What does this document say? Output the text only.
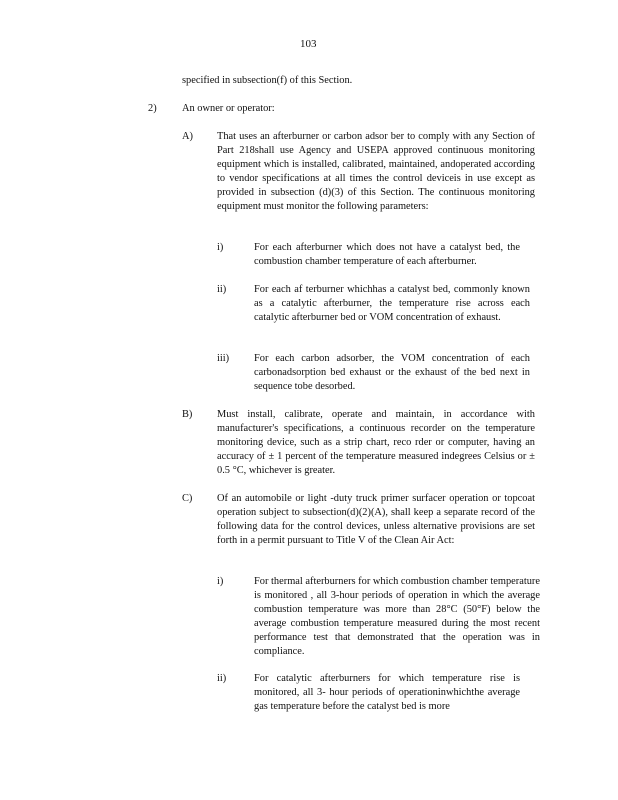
103
specified in subsection(f) of this Section.
2) An owner or operator:
A) That uses an afterburner or carbon adsor ber to comply with any Section of Part 218shall use Agency and USEPA approved continuous monitoring equipment which is installed, calibrated, maintained, andoperated according to vendor specifications at all times the control deviceis in use except as provided in subsection (d)(3) of this Section. The continuous monitoring equipment must monitor the following parameters:

i)	For each afterburner which does not have a catalyst bed, the combustion chamber temperature of each afterburner.

ii)	For each af terburner whichhas a catalyst bed, commonly known as a catalytic afterburner, the temperature rise across each catalytic afterburner bed or VOM concentration of exhaust.

iii) For each carbon adsorber, the VOM concentration of each carbonadsorption bed exhaust or the exhaust of the bed next in sequence tobe desorbed.

B) Must install, calibrate, operate and maintain, in accordance with manufacturer's specifications, a continuous recorder on the temperature monitoring device, such as a strip chart, reco rder or computer, having an accuracy of ± 1 percent of the temperature measured indegrees Celsius or ± 0.5 °C, whichever is greater.

C) Of an automobile or light -duty truck primer surfacer operation or topcoat operation subject to subsection(d)(2)(A), shall keep a separate record of the following data for the control devices, unless alternative provisions are set forth in a permit pursuant to Title V of the Clean Air Act:

i)	For thermal afterburners for which combustion chamber temperature is monitored , all 3-hour periods of operation in which the average combustion temperature was more than 28°C (50°F) below the average combustion temperature measured during the most recent performance test that demonstrated that the operation was in compliance.

ii)	For catalytic afterburners for which temperature rise is monitored, all 3- hour periods of operationinwhichthe average gas temperature before the catalyst bed is more
